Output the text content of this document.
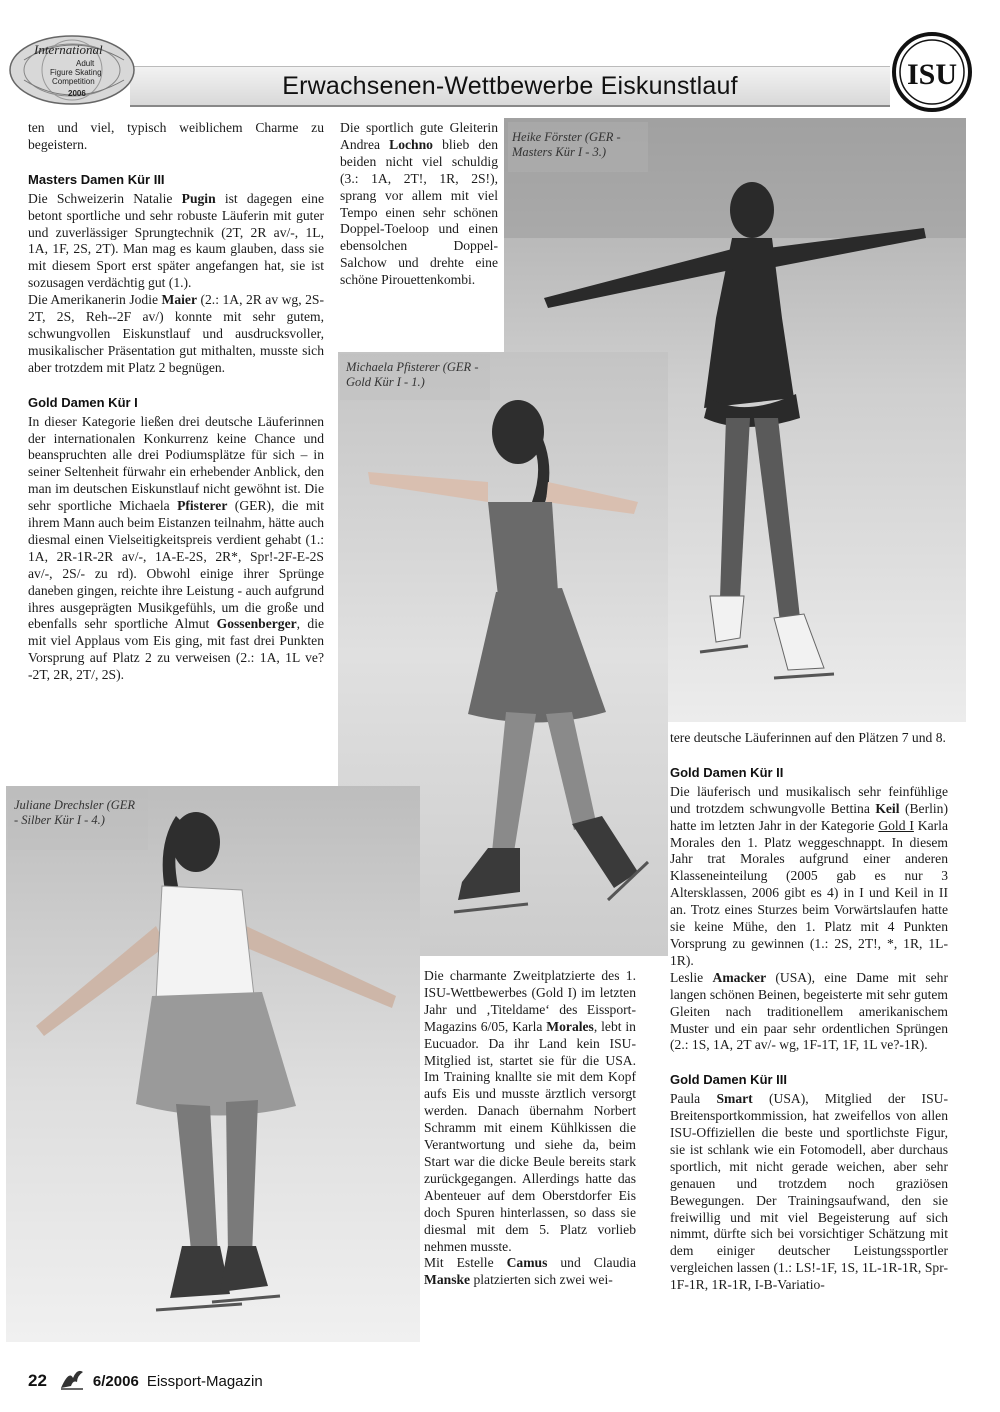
Erwachsenen-Wettbewerbe Eiskunstlauf
International
Adult
Figure Skating
Competition
2006
ISU

ten und viel, typisch weiblichem Charme zu begeistern.

Masters Damen Kür III

Die Schweizerin Natalie Pugin ist dagegen eine betont sportliche und sehr robuste Läuferin mit guter und zuverlässiger Sprungtechnik (2T, 2R av/-, 1L, 1A, 1F, 2S, 2T). Man mag es kaum glauben, dass sie mit diesem Sport erst später angefangen hat, sie ist sozusagen verdächtig gut (1.).

Die Amerikanerin Jodie Maier (2.: 1A, 2R av wg, 2S-2T, 2S, Reh--2F av/) konnte mit sehr gutem, schwungvollen Eiskunstlauf und ausdrucksvoller, musikalischer Präsentation gut mithalten, musste sich aber trotzdem mit Platz 2 begnügen.

Gold Damen Kür I

In dieser Kategorie ließen drei deutsche Läuferinnen der internationalen Konkurrenz keine Chance und beanspruchten alle drei Podiumsplätze für sich – in seiner Seltenheit fürwahr ein erhebender Anblick, den man im deutschen Eiskunstlauf nicht gewöhnt ist. Die sehr sportliche Michaela Pfisterer (GER), die mit ihrem Mann auch beim Eistanzen teilnahm, hätte auch diesmal einen Vielseitigkeitspreis verdient gehabt (1.: 1A, 2R-1R-2R av/-, 1A-E-2S, 2R*, Spr!-2F-E-2S av/-, 2S/- zu rd). Obwohl einige ihrer Sprünge daneben gingen, reichte ihre Leistung - auch aufgrund ihres ausgeprägten Musikgefühls, um die große und ebenfalls sehr sportliche Almut Gossenberger, die mit viel Applaus vom Eis ging, mit fast drei Punkten Vorsprung auf Platz 2 zu verweisen (2.: 1A, 1L ve?-2T, 2R, 2T/, 2S).

Die sportlich gute Gleiterin Andrea Lochno blieb den beiden nicht viel schuldig (3.: 1A, 2T!, 1R, 2S!), sprang vor allem mit viel Tempo einen sehr schönen Doppel-Toeloop und einen ebensolchen Doppel-Salchow und drehte eine schöne Pirouettenkombi.

Heike Förster (GER - Masters Kür I - 3.)
Michaela Pfisterer (GER - Gold Kür I - 1.)
Juliane Drechsler (GER - Silber Kür I - 4.)

Die charmante Zweitplatzierte des 1. ISU-Wettbewerbes (Gold I) im letzten Jahr und ‚Titeldame‘ des Eissport-Magazins 6/05, Karla Morales, lebt in Eucuador. Da ihr Land kein ISU-Mitglied ist, startet sie für die USA. Im Training knallte sie mit dem Kopf aufs Eis und musste ärztlich versorgt werden. Danach übernahm Norbert Schramm mit einem Kühlkissen die Verantwortung und siehe da, beim Start war die dicke Beule bereits stark zurückgegangen. Allerdings hatte das Abenteuer auf dem Oberstdorfer Eis doch Spuren hinterlassen, so dass sie diesmal mit dem 5. Platz vorlieb nehmen musste.

Mit Estelle Camus und Claudia Manske platzierten sich zwei wei-

tere deutsche Läuferinnen auf den Plätzen 7 und 8.

Gold Damen Kür II

Die läuferisch und musikalisch sehr feinfühlige und trotzdem schwungvolle Bettina Keil (Berlin) hatte im letzten Jahr in der Kategorie Gold I Karla Morales den 1. Platz weggeschnappt. In diesem Jahr trat Morales aufgrund einer anderen Klasseneinteilung (2005 gab es nur 3 Altersklassen, 2006 gibt es 4) in I und Keil in II an. Trotz eines Sturzes beim Vorwärtslaufen hatte sie keine Mühe, den 1. Platz mit 4 Punkten Vorsprung zu gewinnen (1.: 2S, 2T!, *, 1R, 1L-1R).

Leslie Amacker (USA), eine Dame mit sehr langen schönen Beinen, begeisterte mit sehr gutem Gleiten nach traditionellem amerikanischem Muster und ein paar sehr ordentlichen Sprüngen (2.: 1S, 1A, 2T av/- wg, 1F-1T, 1F, 1L ve?-1R).

Gold Damen Kür III

Paula Smart (USA), Mitglied der ISU-Breitensportkommission, hat zweifellos von allen ISU-Offiziellen die beste und sportlichste Figur, sie ist schlank wie ein Fotomodell, aber durchaus sportlich, mit nicht gerade weichen, aber sehr genauen und trotzdem noch graziösen Bewegungen. Der Trainingsaufwand, den sie freiwillig und mit viel Begeisterung auf sich nimmt, dürfte sich bei vorsichtiger Schätzung mit dem einiger deutscher Leistungssportler vergleichen lassen (1.: LS!-1F, 1S, 1L-1R-1R, Spr-1F-1R, 1R-1R, I-B-Variatio-

22	6/2006 Eissport-Magazin
